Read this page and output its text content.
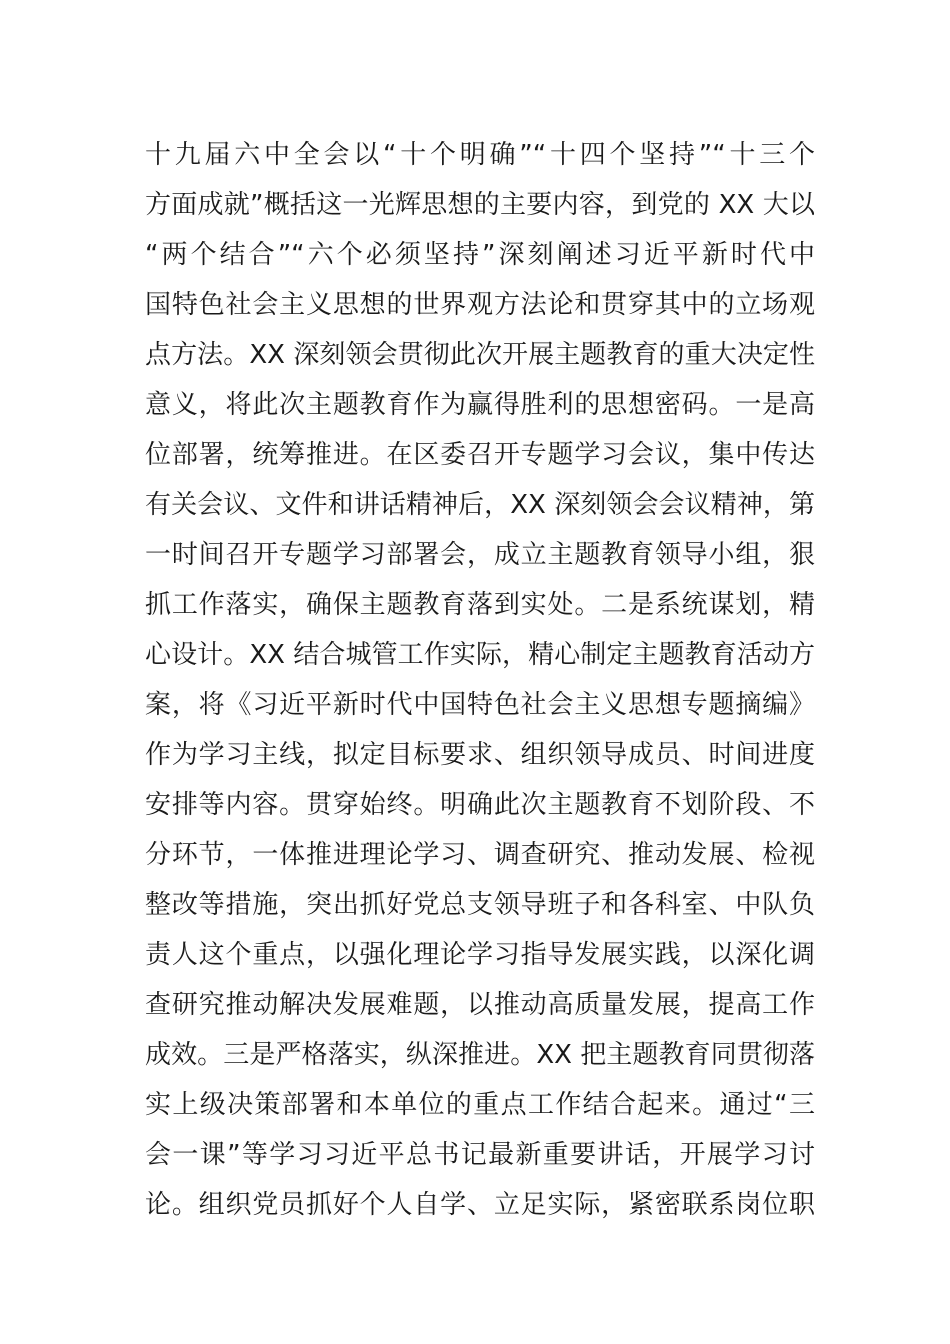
十九届六中全会以“十个明确”“十四个坚持”“十三个
方面成就”概括这一光辉思想的主要内容，到党的 XX 大以
“两个结合”“六个必须坚持”深刻阐述习近平新时代中
国特色社会主义思想的世界观方法论和贯穿其中的立场观
点方法。XX 深刻领会贯彻此次开展主题教育的重大决定性
意义，将此次主题教育作为赢得胜利的思想密码。一是高
位部署，统筹推进。在区委召开专题学习会议，集中传达
有关会议、文件和讲话精神后，XX 深刻领会会议精神，第
一时间召开专题学习部署会，成立主题教育领导小组，狠
抓工作落实，确保主题教育落到实处。二是系统谋划，精
心设计。XX 结合城管工作实际，精心制定主题教育活动方
案，将《习近平新时代中国特色社会主义思想专题摘编》
作为学习主线，拟定目标要求、组织领导成员、时间进度
安排等内容。贯穿始终。明确此次主题教育不划阶段、不
分环节，一体推进理论学习、调查研究、推动发展、检视
整改等措施，突出抓好党总支领导班子和各科室、中队负
责人这个重点，以强化理论学习指导发展实践，以深化调
查研究推动解决发展难题，以推动高质量发展，提高工作
成效。三是严格落实，纵深推进。XX 把主题教育同贯彻落
实上级决策部署和本单位的重点工作结合起来。通过“三
会一课”等学习习近平总书记最新重要讲话，开展学习讨
论。组织党员抓好个人自学、立足实际，紧密联系岗位职
